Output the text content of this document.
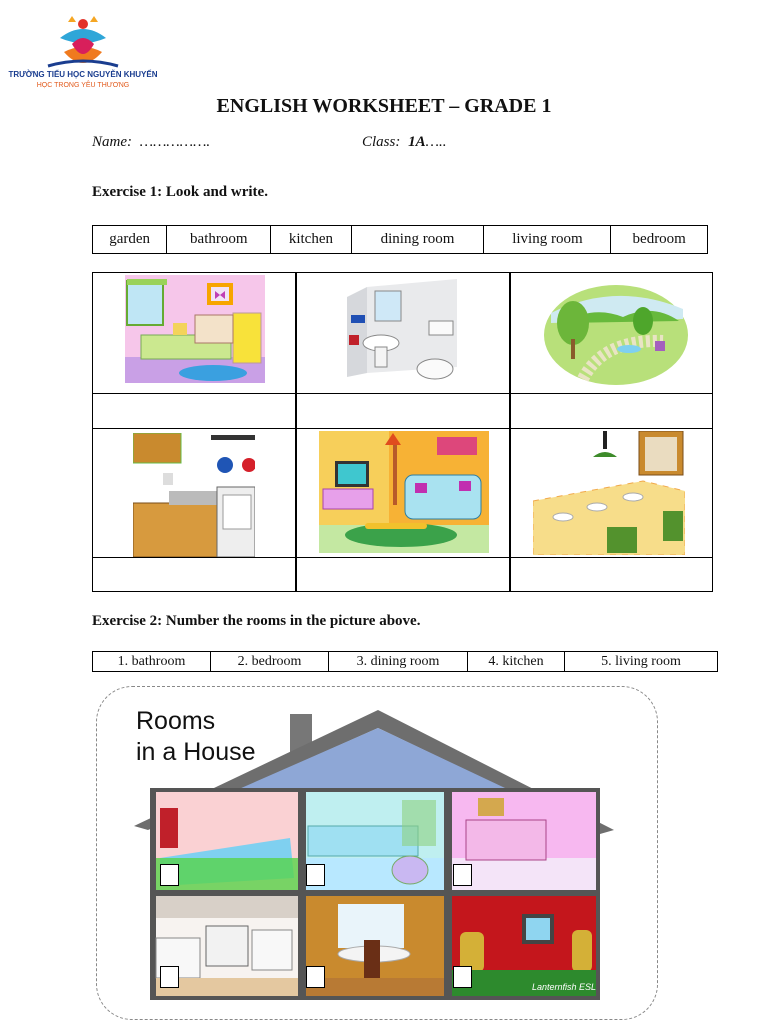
TRƯỜNG TIỂU HỌC NGUYỄN KHUYẾN
HỌC TRONG YÊU THƯƠNG
ENGLISH WORKSHEET – GRADE 1
Name: …………….	Class: 1A…..
Exercise 1: Look and write.
garden	bathroom	kitchen	dining room	living room	bedroom
Exercise 2: Number the rooms in the picture above.
1. bathroom	2. bedroom	3. dining room	4. kitchen	5. living room
Rooms
in a House
Lanternfish ESL
